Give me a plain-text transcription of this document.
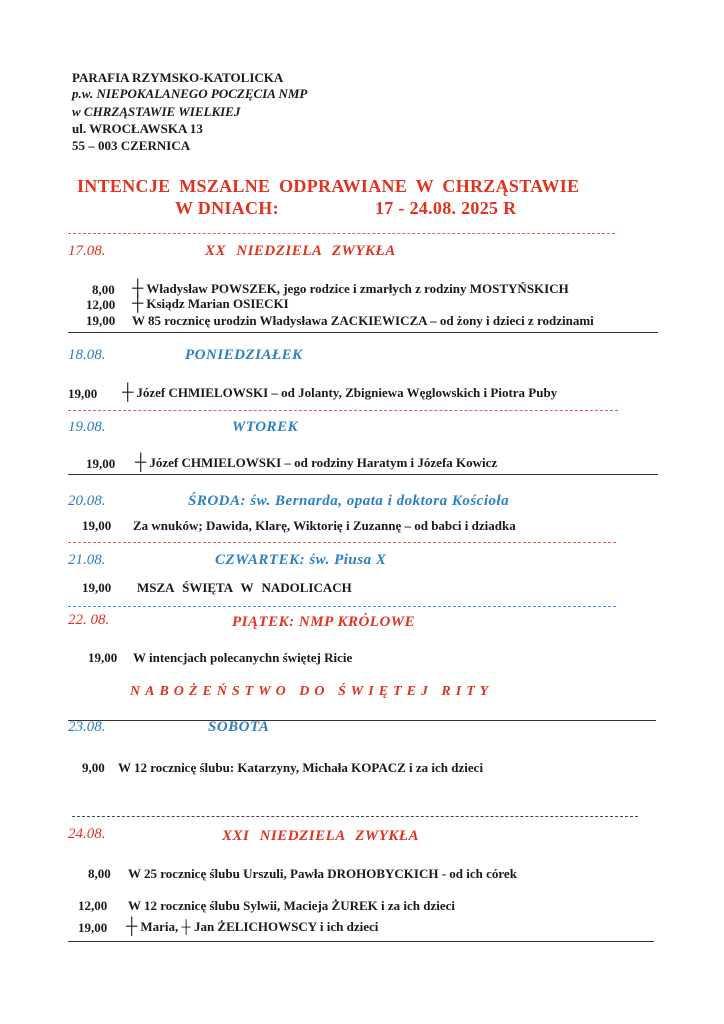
PARAFIA RZYMSKO-KATOLICKA
p.w. NIEPOKALANEGO POCZĘCIA NMP
w CHRZĄSTAWIE WIELKIEJ
ul. WROCŁAWSKA 13
55 – 003 CZERNICA
INTENCJE MSZALNE ODPRAWIANE W CHRZĄSTAWIE
W DNIACH:	17 - 24.08. 2025 R
17.08.	XX NIEDZIELA ZWYKŁA
8,00 ┼ Władysław POWSZEK, jego rodzice i zmarłych z rodziny MOSTYŃSKICH
12,00 ┼ Ksiądz Marian OSIECKI
19,00 W 85 rocznicę urodzin Władysława ZACKIEWICZA – od żony i dzieci z rodzinami
18.08.	PONIEDZIAŁEK
19,00 ┼ Józef CHMIELOWSKI – od Jolanty, Zbigniewa Węglowskich i Piotra Puby
19.08.	WTOREK
19,00 ┼ Józef CHMIELOWSKI – od rodziny Haratym i Józefa Kowicz
20.08.	ŚRODA: św. Bernarda, opata i doktora Kościoła
19,00 Za wnuków; Dawida, Klarę, Wiktorię i Zuzannę – od babci i dziadka
21.08.	CZWARTEK: św. Piusa X
19,00 MSZA ŚWIĘTA W NADOLICACH
22. 08.	PIĄTEK: NMP KRÓLOWE
19,00 W intencjach polecanychn świętej Ricie
NABOŻEŃSTWO DO ŚWIĘTEJ RITY
23.08.	SOBOTA
9,00 W 12 rocznicę ślubu: Katarzyny, Michała KOPACZ i za ich dzieci
24.08.	XXI NIEDZIELA ZWYKŁA
8,00 W 25 rocznicę ślubu Urszuli, Pawła DROHOBYCKICH - od ich córek
12,00 W 12 rocznicę ślubu Sylwii, Macieja ŻUREK i za ich dzieci
19,00 ┼ Maria, ┼ Jan ŻELICHOWSCY i ich dzieci
